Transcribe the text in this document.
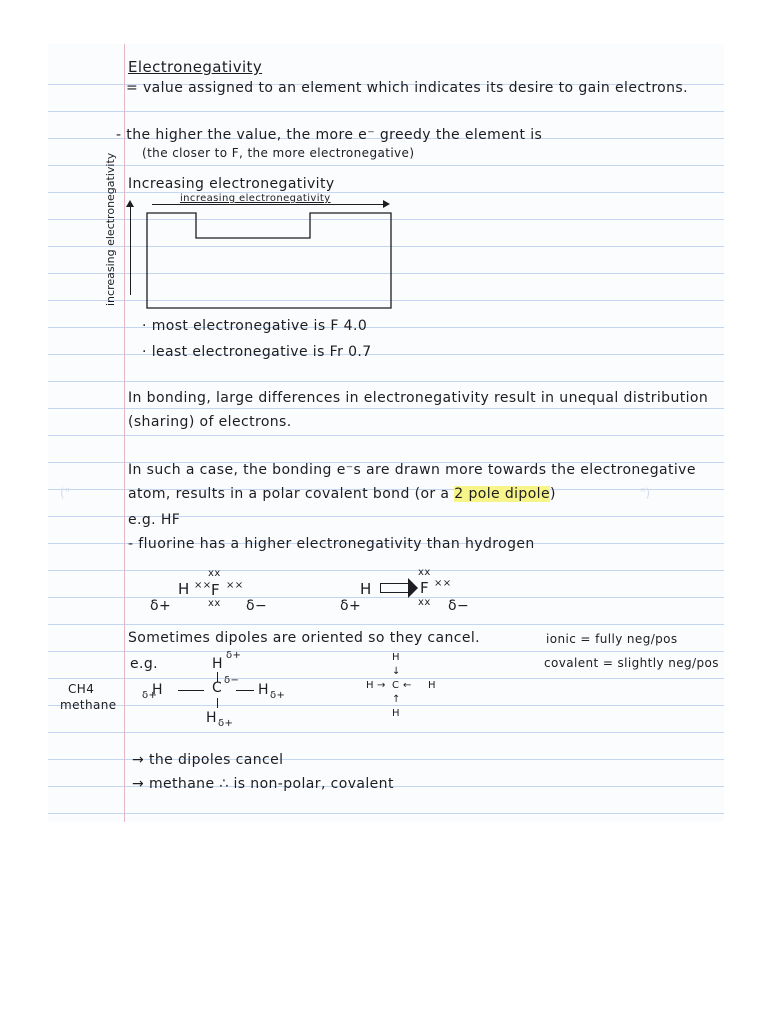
("	")
Electronegativity
= value assigned to an element which indicates its desire to gain electrons.
- the higher the value, the more e⁻ greedy the element is
(the closer to F, the more electronegative)
Increasing electronegativity
increasing electronegativity
increasing electronegativity
· most electronegative is F 4.0
· least electronegative is Fr 0.7
In bonding, large differences in electronegativity result in unequal distribution
(sharing) of electrons.
In such a case, the bonding e⁻s are drawn more towards the electronegative
atom, results in a polar covalent bond (or a 2 pole dipole)
e.g. HF
- fluorine has a higher electronegativity than hydrogen
H ×× F
xx
××
xx
δ+	δ−
H	F
xx
××
xx
δ+	δ−
Sometimes dipoles are oriented so they cancel.	ionic = fully neg/pos
covalent = slightly neg/pos
e.g.
CH4
methane
H
δ+
C δ−
H δ+
H
δ+	H δ+
H
↓
H → C ← H
↑
H
→ the dipoles cancel
→ methane ∴ is non-polar, covalent
